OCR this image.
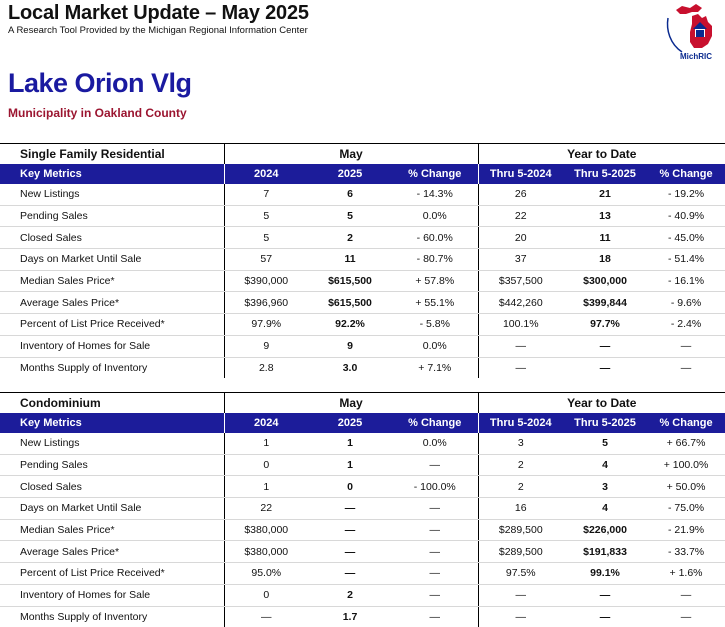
Local Market Update – May 2025
A Research Tool Provided by the Michigan Regional Information Center
MichRIC
Lake Orion Vlg
Municipality in Oakland County
Single Family Residential	May			Year to Date		
Key Metrics	2024	2025	% Change	Thru 5-2024	Thru 5-2025	% Change
New Listings	7	6	- 14.3%	26	21	- 19.2%
Pending Sales	5	5	0.0%	22	13	- 40.9%
Closed Sales	5	2	- 60.0%	20	11	- 45.0%
Days on Market Until Sale	57	11	- 80.7%	37	18	- 51.4%
Median Sales Price*	$390,000	$615,500	+ 57.8%	$357,500	$300,000	- 16.1%
Average Sales Price*	$396,960	$615,500	+ 55.1%	$442,260	$399,844	- 9.6%
Percent of List Price Received*	97.9%	92.2%	- 5.8%	100.1%	97.7%	- 2.4%
Inventory of Homes for Sale	9	9	0.0%	—	—	—
Months Supply of Inventory	2.8	3.0	+ 7.1%	—	—	—
Condominium	May			Year to Date		
Key Metrics	2024	2025	% Change	Thru 5-2024	Thru 5-2025	% Change
New Listings	1	1	0.0%	3	5	+ 66.7%
Pending Sales	0	1	—	2	4	+ 100.0%
Closed Sales	1	0	- 100.0%	2	3	+ 50.0%
Days on Market Until Sale	22	—	—	16	4	- 75.0%
Median Sales Price*	$380,000	—	—	$289,500	$226,000	- 21.9%
Average Sales Price*	$380,000	—	—	$289,500	$191,833	- 33.7%
Percent of List Price Received*	95.0%	—	—	97.5%	99.1%	+ 1.6%
Inventory of Homes for Sale	0	2	—	—	—	—
Months Supply of Inventory	—	1.7	—	—	—	—
